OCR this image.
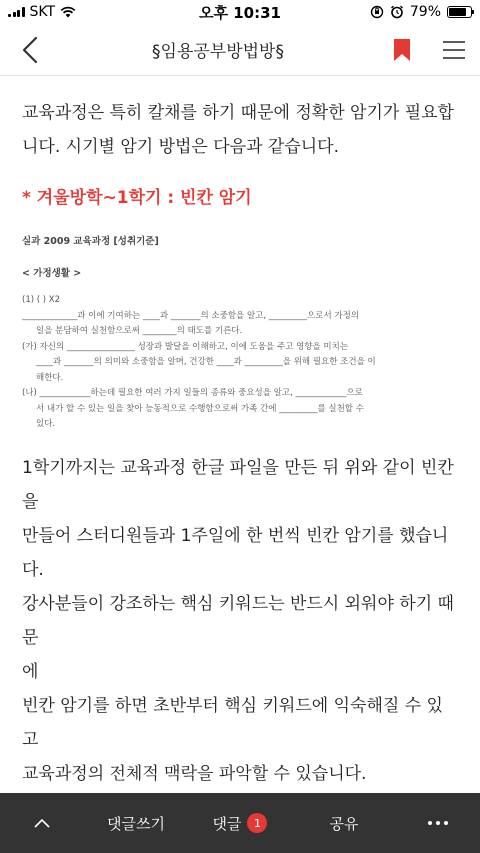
SKT	오후 10:31	79%
§임용공부방법방§

교육과정은 특히 칼채를 하기 때문에 정확한 암기가 필요합니다. 시기별 암기 방법은 다음과 같습니다.

* 겨울방학~1학기 : 빈칸 암기

실과 2009 교육과정 [성취기준]
< 가정생활 >
(1) ( ) X2
_____________과 이에 기여하는 ____과 _______의 소중함을 알고, _________으로서 가정의
일을 분담하여 실천함으로써 ________의 태도를 기른다.
(가) 자신의 ________________ 성장과 발달을 이해하고, 이에 도움을 주고 영향을 미치는
____과 _______의 의미와 소중함을 알며, 건강한 ____과 _________을 위해 필요한 조건을 이
해한다.
(나) ____________하는데 필요한 여러 가지 일들의 종류와 중요성을 알고, ____________으로
서 내가 할 수 있는 일을 찾아 능동적으로 수행함으로써 가족 간에 _________를 실천할 수
있다.

1학기까지는 교육과정 한글 파일을 만든 뒤 위와 같이 빈칸을

만들어 스터디원들과 1주일에 한 번씩 빈칸 암기를 했습니다.

강사분들이 강조하는 핵심 키워드는 반드시 외워야 하기 때문

에

빈칸 암기를 하면 초반부터 핵심 키워드에 익숙해질 수 있고

교육과정의 전체적 맥락을 파악할 수 있습니다.

댓글쓰기	댓글	1	공유
